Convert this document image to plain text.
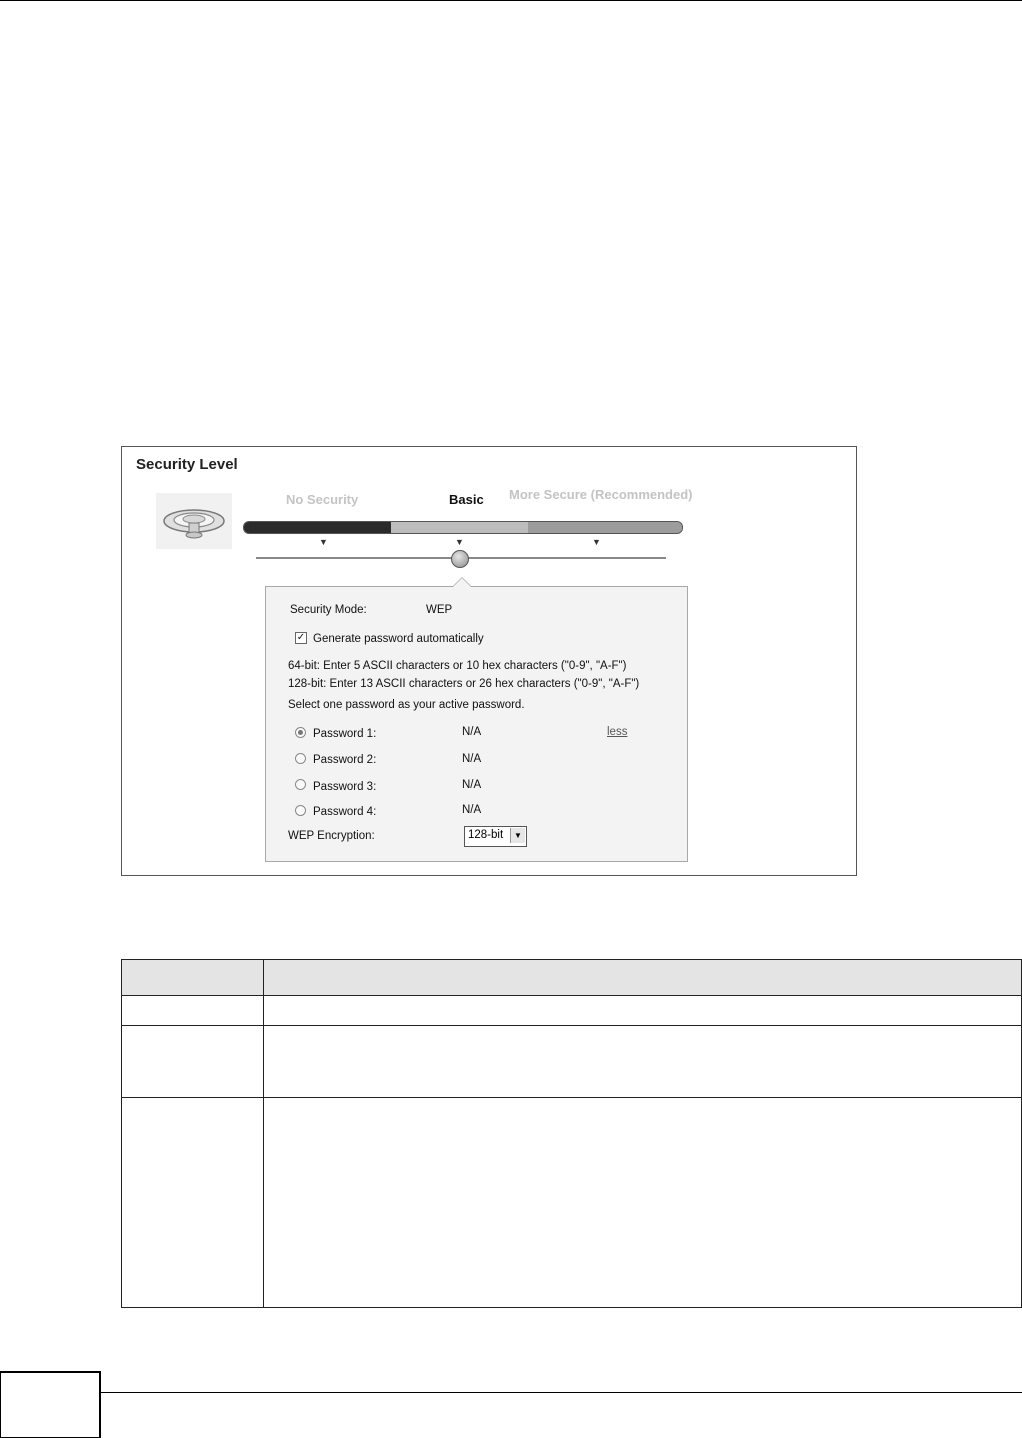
Security Level
No Security	Basic More Secure (Recommended)
▼	▼	▼
Security Mode:	WEP
✓ Generate password automatically
64-bit: Enter 5 ASCII characters or 10 hex characters ("0-9", "A-F")
128-bit: Enter 13 ASCII characters or 26 hex characters ("0-9", "A-F")
Select one password as your active password.
Password 1:	N/A	less
Password 2:	N/A
Password 3:	N/A
Password 4:	N/A
WEP Encryption:	128-bit	▼
